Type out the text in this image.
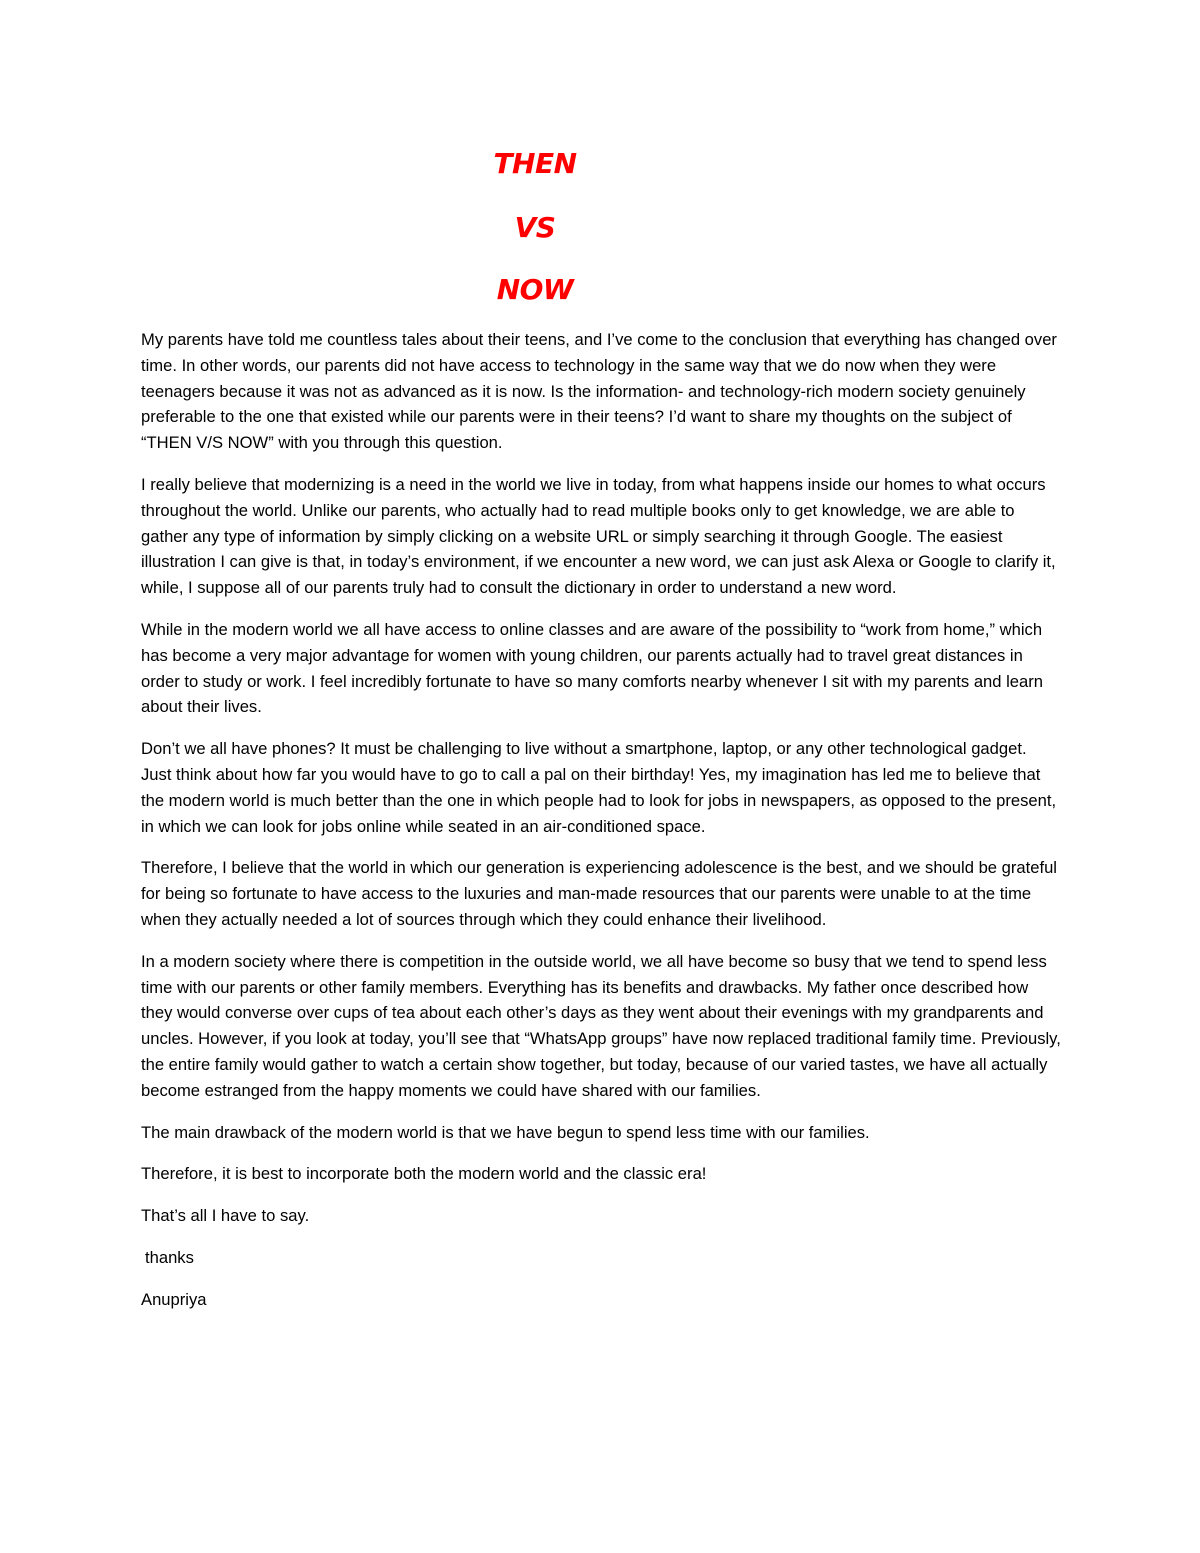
THEN
VS
NOW

My parents have told me countless tales about their teens, and I’ve come to the conclusion that everything has changed over time. In other words, our parents did not have access to technology in the same way that we do now when they were teenagers because it was not as advanced as it is now. Is the information- and technology-rich modern society genuinely preferable to the one that existed while our parents were in their teens? I’d want to share my thoughts on the subject of “THEN V/S NOW” with you through this question.

I really believe that modernizing is a need in the world we live in today, from what happens inside our homes to what occurs throughout the world. Unlike our parents, who actually had to read multiple books only to get knowledge, we are able to gather any type of information by simply clicking on a website URL or simply searching it through Google. The easiest illustration I can give is that, in today’s environment, if we encounter a new word, we can just ask Alexa or Google to clarify it, while, I suppose all of our parents truly had to consult the dictionary in order to understand a new word.

While in the modern world we all have access to online classes and are aware of the possibility to “work from home,” which has become a very major advantage for women with young children, our parents actually had to travel great distances in order to study or work. I feel incredibly fortunate to have so many comforts nearby whenever I sit with my parents and learn about their lives.

Don’t we all have phones? It must be challenging to live without a smartphone, laptop, or any other technological gadget. Just think about how far you would have to go to call a pal on their birthday! Yes, my imagination has led me to believe that the modern world is much better than the one in which people had to look for jobs in newspapers, as opposed to the present, in which we can look for jobs online while seated in an air-conditioned space.

Therefore, I believe that the world in which our generation is experiencing adolescence is the best, and we should be grateful for being so fortunate to have access to the luxuries and man-made resources that our parents were unable to at the time when they actually needed a lot of sources through which they could enhance their livelihood.

In a modern society where there is competition in the outside world, we all have become so busy that we tend to spend less time with our parents or other family members. Everything has its benefits and drawbacks. My father once described how they would converse over cups of tea about each other’s days as they went about their evenings with my grandparents and uncles. However, if you look at today, you’ll see that “WhatsApp groups” have now replaced traditional family time. Previously, the entire family would gather to watch a certain show together, but today, because of our varied tastes, we have all actually become estranged from the happy moments we could have shared with our families.

The main drawback of the modern world is that we have begun to spend less time with our families.

Therefore, it is best to incorporate both the modern world and the classic era!

That’s all I have to say.

thanks

Anupriya
